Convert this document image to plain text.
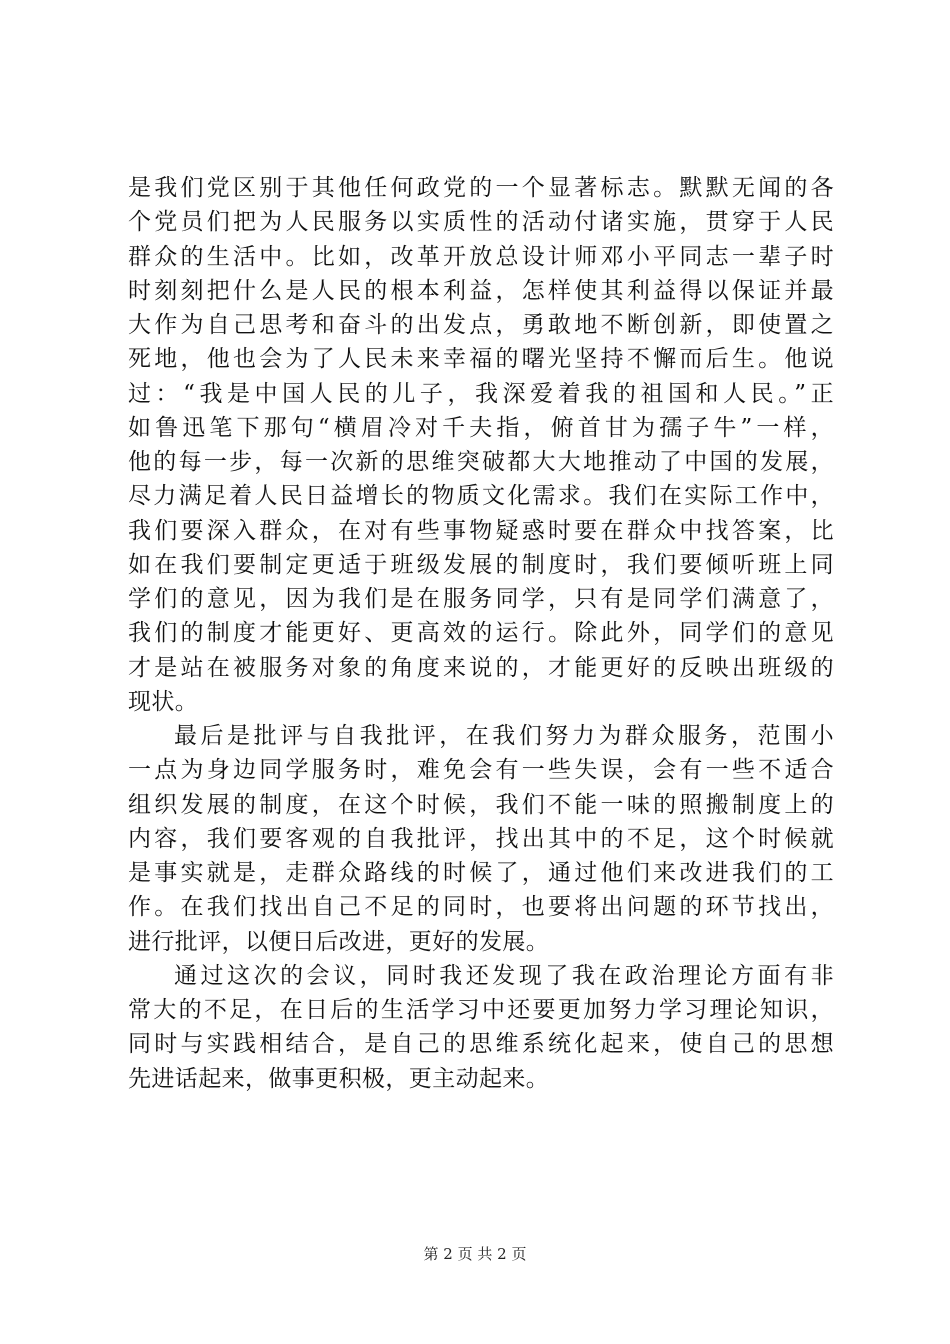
是我们党区别于其他任何政党的一个显著标志。默默无闻的各
个党员们把为人民服务以实质性的活动付诸实施，贯穿于人民
群众的生活中。比如，改革开放总设计师邓小平同志一辈子时
时刻刻把什么是人民的根本利益，怎样使其利益得以保证并最
大作为自己思考和奋斗的出发点，勇敢地不断创新，即使置之
死地，他也会为了人民未来幸福的曙光坚持不懈而后生。他说
过：“我是中国人民的儿子，我深爱着我的祖国和人民。”正
如鲁迅笔下那句“横眉冷对千夫指，俯首甘为孺子牛”一样，
他的每一步，每一次新的思维突破都大大地推动了中国的发展，
尽力满足着人民日益增长的物质文化需求。我们在实际工作中，
我们要深入群众，在对有些事物疑惑时要在群众中找答案，比
如在我们要制定更适于班级发展的制度时，我们要倾听班上同
学们的意见，因为我们是在服务同学，只有是同学们满意了，
我们的制度才能更好、更高效的运行。除此外，同学们的意见
才是站在被服务对象的角度来说的，才能更好的反映出班级的
现状。
最后是批评与自我批评，在我们努力为群众服务，范围小
一点为身边同学服务时，难免会有一些失误，会有一些不适合
组织发展的制度，在这个时候，我们不能一味的照搬制度上的
内容，我们要客观的自我批评，找出其中的不足，这个时候就
是事实就是，走群众路线的时候了，通过他们来改进我们的工
作。在我们找出自己不足的同时，也要将出问题的环节找出，
进行批评，以便日后改进，更好的发展。
通过这次的会议，同时我还发现了我在政治理论方面有非
常大的不足，在日后的生活学习中还要更加努力学习理论知识，
同时与实践相结合，是自己的思维系统化起来，使自己的思想
先进话起来，做事更积极，更主动起来。
第 2 页 共 2 页
